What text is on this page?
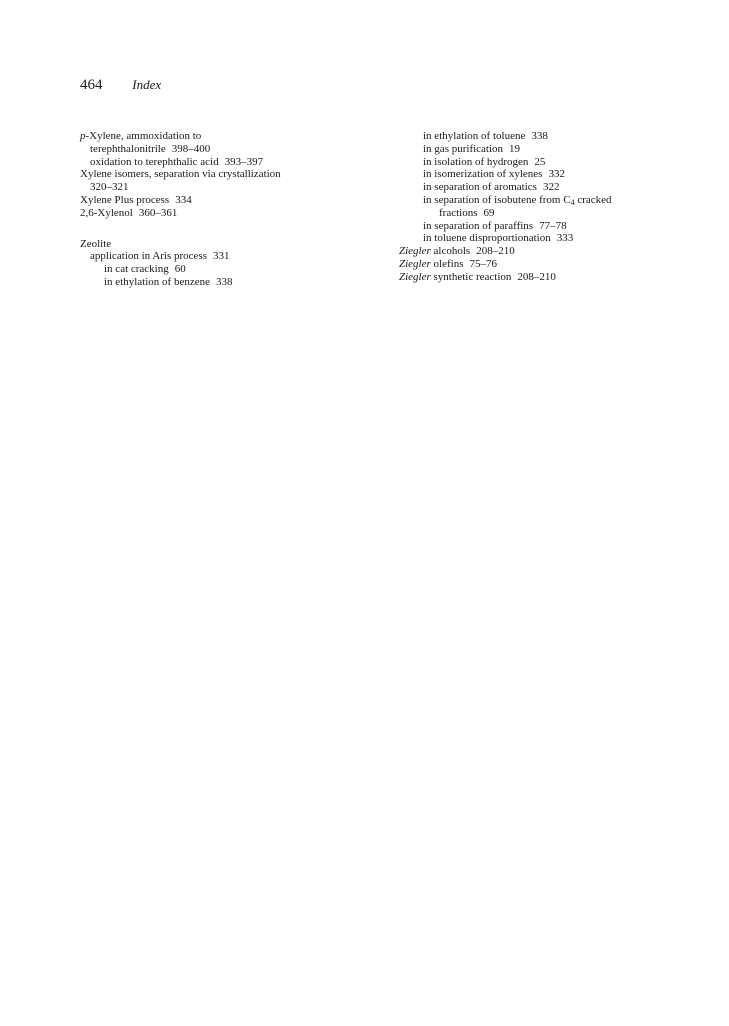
464 Index
p-Xylene, ammoxidation to
terephthalonitrile 398–400
oxidation to terephthalic acid 393–397
Xylene isomers, separation via crystallization
320–321
Xylene Plus process 334
2,6-Xylenol 360–361
Zeolite
application in Aris process 331
in cat cracking 60
in ethylation of benzene 338
in ethylation of toluene 338
in gas purification 19
in isolation of hydrogen 25
in isomerization of xylenes 332
in separation of aromatics 322
in separation of isobutene from $C_4$ cracked
fractions 69
in separation of paraffins 77–78
in toluene disproportionation 333
Ziegler alcohols 208–210
Ziegler olefins 75–76
Ziegler synthetic reaction 208–210
